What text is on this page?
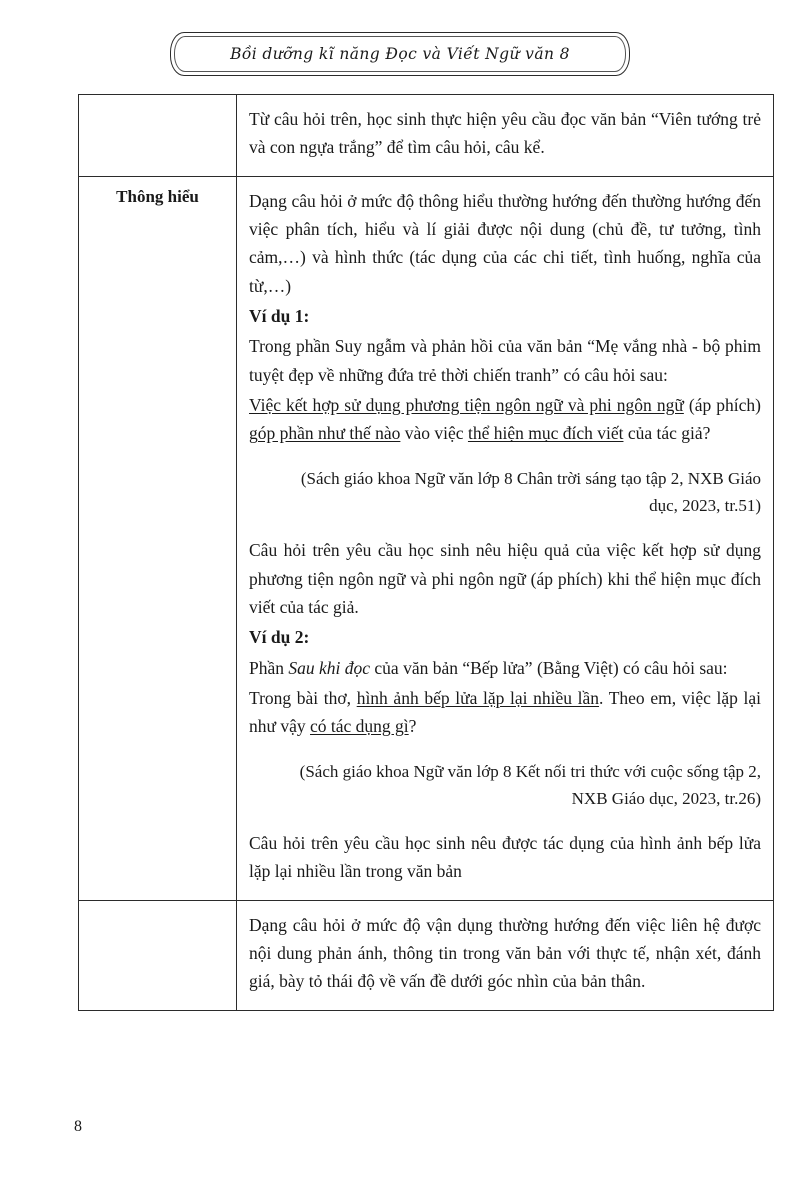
Bồi dưỡng kĩ năng Đọc và Viết Ngữ văn 8

	Từ câu hỏi trên, học sinh thực hiện yêu cầu đọc văn bản “Viên tướng trẻ và con ngựa trắng” để tìm câu hỏi, câu kể.

Thông hiểu	Dạng câu hỏi ở mức độ thông hiểu thường hướng đến thường hướng đến việc phân tích, hiểu và lí giải được nội dung (chủ đề, tư tưởng, tình cảm,…) và hình thức (tác dụng của các chi tiết, tình huống, nghĩa của từ,…)

Ví dụ 1:

Trong phần Suy ngẫm và phản hồi của văn bản “Mẹ vắng nhà - bộ phim tuyệt đẹp về những đứa trẻ thời chiến tranh” có câu hỏi sau:

Việc kết hợp sử dụng phương tiện ngôn ngữ và phi ngôn ngữ (áp phích) góp phần như thế nào vào việc thể hiện mục đích viết của tác giả?

(Sách giáo khoa Ngữ văn lớp 8 Chân trời sáng tạo tập 2, NXB Giáo dục, 2023, tr.51)

Câu hỏi trên yêu cầu học sinh nêu hiệu quả của việc kết hợp sử dụng phương tiện ngôn ngữ và phi ngôn ngữ (áp phích) khi thể hiện mục đích viết của tác giả.

Ví dụ 2:

Phần Sau khi đọc của văn bản “Bếp lửa” (Bằng Việt) có câu hỏi sau:

Trong bài thơ, hình ảnh bếp lửa lặp lại nhiều lần. Theo em, việc lặp lại như vậy có tác dụng gì?

(Sách giáo khoa Ngữ văn lớp 8 Kết nối tri thức với cuộc sống tập 2, NXB Giáo dục, 2023, tr.26)

Câu hỏi trên yêu cầu học sinh nêu được tác dụng của hình ảnh bếp lửa lặp lại nhiều lần trong văn bản

	Dạng câu hỏi ở mức độ vận dụng thường hướng đến việc liên hệ được nội dung phản ánh, thông tin trong văn bản với thực tế, nhận xét, đánh giá, bày tỏ thái độ về vấn đề dưới góc nhìn của bản thân.

8
